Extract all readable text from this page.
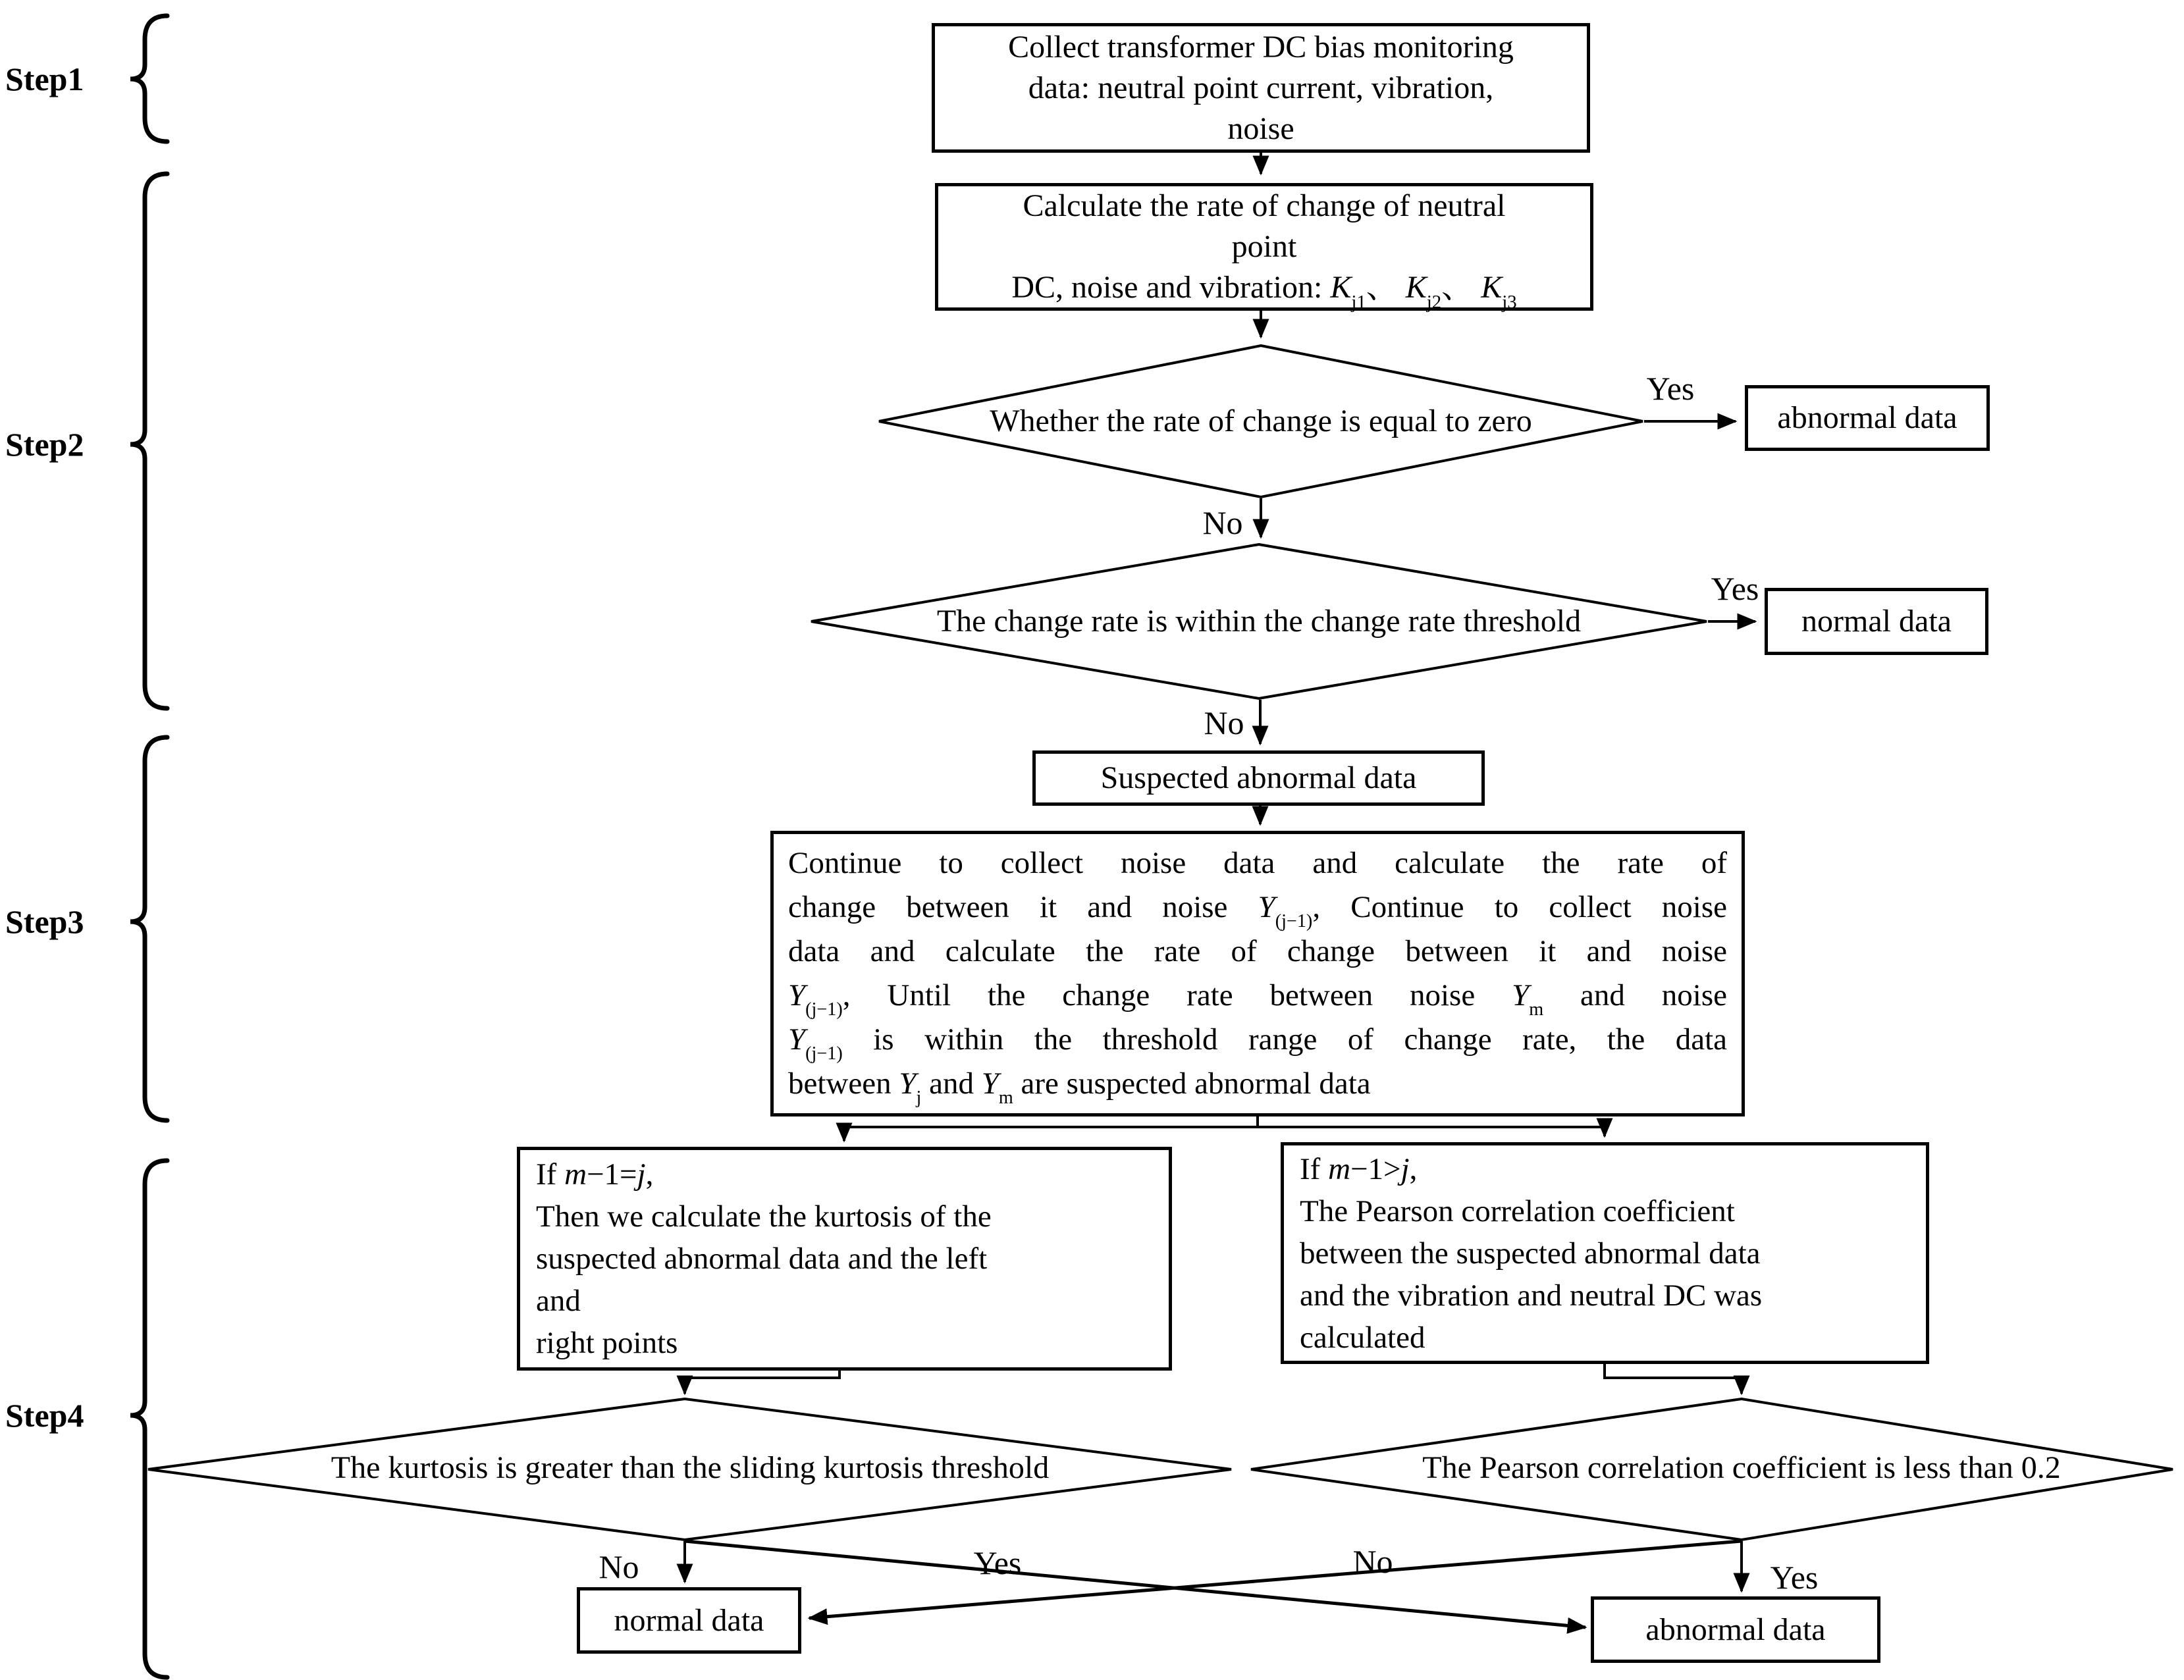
Step1
Step2
Step3
Step4
Collect transformer DC bias monitoring
data: neutral point current, vibration,
noise
Calculate the rate of change of neutral
point
DC, noise and vibration: $K_{j1}$、 $K_{j2}$、 $K_{j3}$
Whether the rate of change is equal to zero
The change rate is within the change rate threshold
The kurtosis is greater than the sliding kurtosis threshold	The Pearson correlation coefficient is less than 0.2
abnormal data
normal data
Suspected abnormal data
Continue to collect noise data and calculate the rate of
change between it and noise $Y_{(j-1)}$, Continue to collect noise
data and calculate the rate of change between it and noise
$Y_{(j-1)}$, Until the change rate between noise $Y_m$ and noise
$Y_{(j-1)}$ is within the threshold range of change rate, the data
between $Y_j$ and $Y_m$ are suspected abnormal data
If m−1=j,
Then we calculate the kurtosis of the
suspected abnormal data and the left
and
right points
If m−1>j,
The Pearson correlation coefficient
between the suspected abnormal data
and the vibration and neutral DC was
calculated
normal data	abnormal data
Yes
No
Yes
No
No	Yes	No	Yes
